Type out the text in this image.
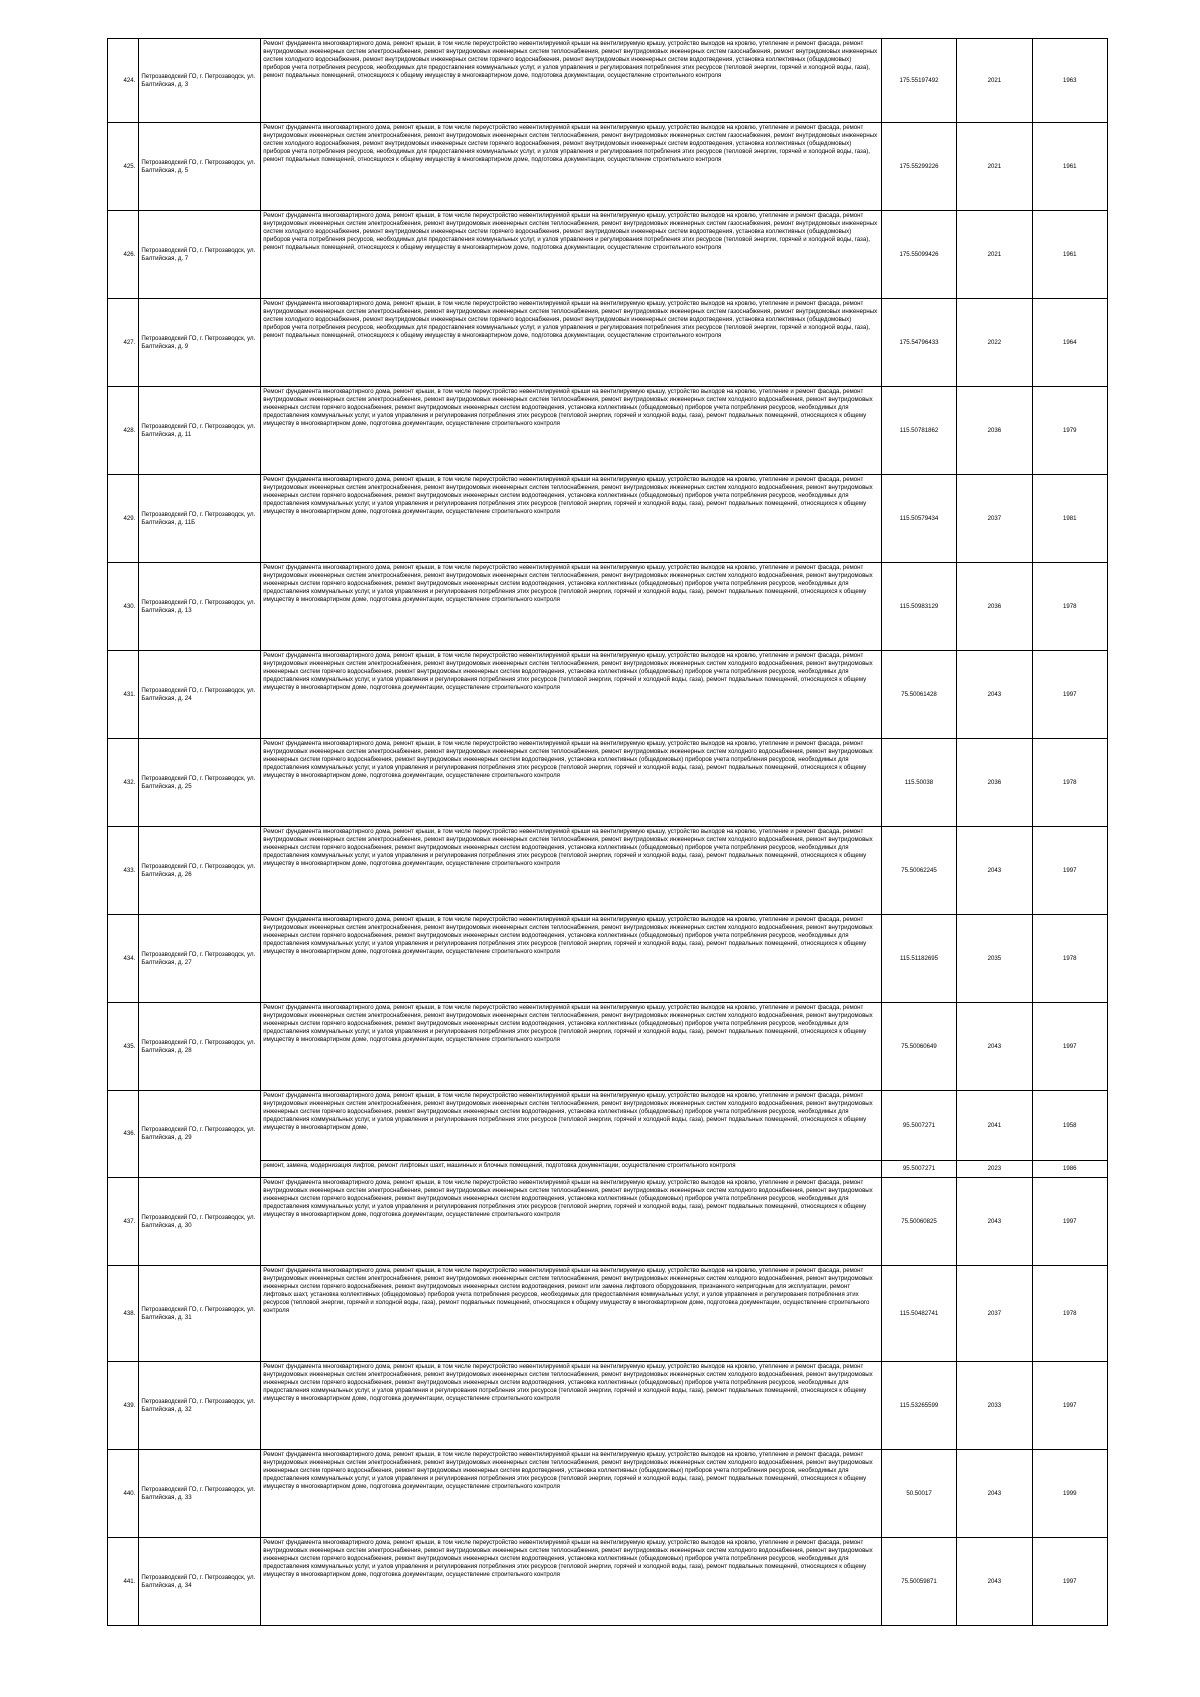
424.	Петрозаводский ГО, г. Петрозаводск, ул. Балтийская, д. 3	Ремонт фундамента многоквартирного дома, ремонт крыши, в том числе переустройство невентилируемой крыши на вентилируемую крышу, устройство выходов на кровлю, утепление и ремонт фасада, ремонт внутридомовых инженерных систем электроснабжения, ремонт внутридомовых инженерных систем теплоснабжения, ремонт внутридомовых инженерных систем газоснабжения, ремонт внутридомовых инженерных систем холодного водоснабжения, ремонт внутридомовых инженерных систем горячего водоснабжения, ремонт внутридомовых инженерных систем водоотведения, установка коллективных (общедомовых) приборов учета потребления ресурсов, необходимых для предоставления коммунальных услуг, и узлов управления и регулирования потребления этих ресурсов (тепловой энергии, горячей и холодной воды, газа), ремонт подвальных помещений, относящихся к общему имуществу в многоквартирном доме, подготовка документации, осуществление строительного контроля	175.55197492	2021	1963
425.	Петрозаводский ГО, г. Петрозаводск, ул. Балтийская, д. 5	Ремонт фундамента многоквартирного дома, ремонт крыши, в том числе переустройство невентилируемой крыши на вентилируемую крышу, устройство выходов на кровлю, утепление и ремонт фасада, ремонт внутридомовых инженерных систем электроснабжения, ремонт внутридомовых инженерных систем теплоснабжения, ремонт внутридомовых инженерных систем газоснабжения, ремонт внутридомовых инженерных систем холодного водоснабжения, ремонт внутридомовых инженерных систем горячего водоснабжения, ремонт внутридомовых инженерных систем водоотведения, установка коллективных (общедомовых) приборов учета потребления ресурсов, необходимых для предоставления коммунальных услуг, и узлов управления и регулирования потребления этих ресурсов (тепловой энергии, горячей и холодной воды, газа), ремонт подвальных помещений, относящихся к общему имуществу в многоквартирном доме, подготовка документации, осуществление строительного контроля	175.55299226	2021	1961
426.	Петрозаводский ГО, г. Петрозаводск, ул. Балтийская, д. 7	Ремонт фундамента многоквартирного дома, ремонт крыши, в том числе переустройство невентилируемой крыши на вентилируемую крышу, устройство выходов на кровлю, утепление и ремонт фасада, ремонт внутридомовых инженерных систем электроснабжения, ремонт внутридомовых инженерных систем теплоснабжения, ремонт внутридомовых инженерных систем газоснабжения, ремонт внутридомовых инженерных систем холодного водоснабжения, ремонт внутридомовых инженерных систем горячего водоснабжения, ремонт внутридомовых инженерных систем водоотведения, установка коллективных (общедомовых) приборов учета потребления ресурсов, необходимых для предоставления коммунальных услуг, и узлов управления и регулирования потребления этих ресурсов (тепловой энергии, горячей и холодной воды, газа), ремонт подвальных помещений, относящихся к общему имуществу в многоквартирном доме, подготовка документации, осуществление строительного контроля	175.55099426	2021	1961
427.	Петрозаводский ГО, г. Петрозаводск, ул. Балтийская, д. 9	Ремонт фундамента многоквартирного дома, ремонт крыши, в том числе переустройство невентилируемой крыши на вентилируемую крышу, устройство выходов на кровлю, утепление и ремонт фасада, ремонт внутридомовых инженерных систем электроснабжения, ремонт внутридомовых инженерных систем теплоснабжения, ремонт внутридомовых инженерных систем газоснабжения, ремонт внутридомовых инженерных систем холодного водоснабжения, ремонт внутридомовых инженерных систем горячего водоснабжения, ремонт внутридомовых инженерных систем водоотведения, установка коллективных (общедомовых) приборов учета потребления ресурсов, необходимых для предоставления коммунальных услуг, и узлов управления и регулирования потребления этих ресурсов (тепловой энергии, горячей и холодной воды, газа), ремонт подвальных помещений, относящихся к общему имуществу в многоквартирном доме, подготовка документации, осуществление строительного контроля	175.54796433	2022	1964
428.	Петрозаводский ГО, г. Петрозаводск, ул. Балтийская, д. 11	Ремонт фундамента многоквартирного дома, ремонт крыши, в том числе переустройство невентилируемой крыши на вентилируемую крышу, устройство выходов на кровлю, утепление и ремонт фасада, ремонт внутридомовых инженерных систем электроснабжения, ремонт внутридомовых инженерных систем теплоснабжения, ремонт внутридомовых инженерных систем холодного водоснабжения, ремонт внутридомовых инженерных систем горячего водоснабжения, ремонт внутридомовых инженерных систем водоотведения, установка коллективных (общедомовых) приборов учета потребления ресурсов, необходимых для предоставления коммунальных услуг, и узлов управления и регулирования потребления этих ресурсов (тепловой энергии, горячей и холодной воды, газа), ремонт подвальных помещений, относящихся к общему имуществу в многоквартирном доме, подготовка документации, осуществление строительного контроля	115.50781862	2036	1979
429.	Петрозаводский ГО, г. Петрозаводск, ул. Балтийская, д. 11Б	Ремонт фундамента многоквартирного дома, ремонт крыши, в том числе переустройство невентилируемой крыши на вентилируемую крышу, устройство выходов на кровлю, утепление и ремонт фасада, ремонт внутридомовых инженерных систем электроснабжения, ремонт внутридомовых инженерных систем теплоснабжения, ремонт внутридомовых инженерных систем холодного водоснабжения, ремонт внутридомовых инженерных систем горячего водоснабжения, ремонт внутридомовых инженерных систем водоотведения, установка коллективных (общедомовых) приборов учета потребления ресурсов, необходимых для предоставления коммунальных услуг, и узлов управления и регулирования потребления этих ресурсов (тепловой энергии, горячей и холодной воды, газа), ремонт подвальных помещений, относящихся к общему имуществу в многоквартирном доме, подготовка документации, осуществление строительного контроля	115.50579434	2037	1981
430.	Петрозаводский ГО, г. Петрозаводск, ул. Балтийская, д. 13	Ремонт фундамента многоквартирного дома, ремонт крыши, в том числе переустройство невентилируемой крыши на вентилируемую крышу, устройство выходов на кровлю, утепление и ремонт фасада, ремонт внутридомовых инженерных систем электроснабжения, ремонт внутридомовых инженерных систем теплоснабжения, ремонт внутридомовых инженерных систем холодного водоснабжения, ремонт внутридомовых инженерных систем горячего водоснабжения, ремонт внутридомовых инженерных систем водоотведения, установка коллективных (общедомовых) приборов учета потребления ресурсов, необходимых для предоставления коммунальных услуг, и узлов управления и регулирования потребления этих ресурсов (тепловой энергии, горячей и холодной воды, газа), ремонт подвальных помещений, относящихся к общему имуществу в многоквартирном доме, подготовка документации, осуществление строительного контроля	115.50983129	2036	1978
431.	Петрозаводский ГО, г. Петрозаводск, ул. Балтийская, д. 24	Ремонт фундамента многоквартирного дома, ремонт крыши, в том числе переустройство невентилируемой крыши на вентилируемую крышу, устройство выходов на кровлю, утепление и ремонт фасада, ремонт внутридомовых инженерных систем электроснабжения, ремонт внутридомовых инженерных систем теплоснабжения, ремонт внутридомовых инженерных систем холодного водоснабжения, ремонт внутридомовых инженерных систем горячего водоснабжения, ремонт внутридомовых инженерных систем водоотведения, установка коллективных (общедомовых) приборов учета потребления ресурсов, необходимых для предоставления коммунальных услуг, и узлов управления и регулирования потребления этих ресурсов (тепловой энергии, горячей и холодной воды, газа), ремонт подвальных помещений, относящихся к общему имуществу в многоквартирном доме, подготовка документации, осуществление строительного контроля	75.50061428	2043	1997
432.	Петрозаводский ГО, г. Петрозаводск, ул. Балтийская, д. 25	Ремонт фундамента многоквартирного дома, ремонт крыши, в том числе переустройство невентилируемой крыши на вентилируемую крышу, устройство выходов на кровлю, утепление и ремонт фасада, ремонт внутридомовых инженерных систем электроснабжения, ремонт внутридомовых инженерных систем теплоснабжения, ремонт внутридомовых инженерных систем холодного водоснабжения, ремонт внутридомовых инженерных систем горячего водоснабжения, ремонт внутридомовых инженерных систем водоотведения, установка коллективных (общедомовых) приборов учета потребления ресурсов, необходимых для предоставления коммунальных услуг, и узлов управления и регулирования потребления этих ресурсов (тепловой энергии, горячей и холодной воды, газа), ремонт подвальных помещений, относящихся к общему имуществу в многоквартирном доме, подготовка документации, осуществление строительного контроля	115.50038	2036	1978
433.	Петрозаводский ГО, г. Петрозаводск, ул. Балтийская, д. 26	Ремонт фундамента многоквартирного дома, ремонт крыши, в том числе переустройство невентилируемой крыши на вентилируемую крышу, устройство выходов на кровлю, утепление и ремонт фасада, ремонт внутридомовых инженерных систем электроснабжения, ремонт внутридомовых инженерных систем теплоснабжения, ремонт внутридомовых инженерных систем холодного водоснабжения, ремонт внутридомовых инженерных систем горячего водоснабжения, ремонт внутридомовых инженерных систем водоотведения, установка коллективных (общедомовых) приборов учета потребления ресурсов, необходимых для предоставления коммунальных услуг, и узлов управления и регулирования потребления этих ресурсов (тепловой энергии, горячей и холодной воды, газа), ремонт подвальных помещений, относящихся к общему имуществу в многоквартирном доме, подготовка документации, осуществление строительного контроля	75.50062245	2043	1997
434.	Петрозаводский ГО, г. Петрозаводск, ул. Балтийская, д. 27	Ремонт фундамента многоквартирного дома, ремонт крыши, в том числе переустройство невентилируемой крыши на вентилируемую крышу, устройство выходов на кровлю, утепление и ремонт фасада, ремонт внутридомовых инженерных систем электроснабжения, ремонт внутридомовых инженерных систем теплоснабжения, ремонт внутридомовых инженерных систем холодного водоснабжения, ремонт внутридомовых инженерных систем горячего водоснабжения, ремонт внутридомовых инженерных систем водоотведения, установка коллективных (общедомовых) приборов учета потребления ресурсов, необходимых для предоставления коммунальных услуг, и узлов управления и регулирования потребления этих ресурсов (тепловой энергии, горячей и холодной воды, газа), ремонт подвальных помещений, относящихся к общему имуществу в многоквартирном доме, подготовка документации, осуществление строительного контроля	115.51182695	2035	1978
435.	Петрозаводский ГО, г. Петрозаводск, ул. Балтийская, д. 28	Ремонт фундамента многоквартирного дома, ремонт крыши, в том числе переустройство невентилируемой крыши на вентилируемую крышу, устройство выходов на кровлю, утепление и ремонт фасада, ремонт внутридомовых инженерных систем электроснабжения, ремонт внутридомовых инженерных систем теплоснабжения, ремонт внутридомовых инженерных систем холодного водоснабжения, ремонт внутридомовых инженерных систем горячего водоснабжения, ремонт внутридомовых инженерных систем водоотведения, установка коллективных (общедомовых) приборов учета потребления ресурсов, необходимых для предоставления коммунальных услуг, и узлов управления и регулирования потребления этих ресурсов (тепловой энергии, горячей и холодной воды, газа), ремонт подвальных помещений, относящихся к общему имуществу в многоквартирном доме, подготовка документации, осуществление строительного контроля	75.50060649	2043	1997
436.	Петрозаводский ГО, г. Петрозаводск, ул. Балтийская, д. 29	Ремонт фундамента многоквартирного дома, ремонт крыши, в том числе переустройство невентилируемой крыши на вентилируемую крышу, устройство выходов на кровлю, утепление и ремонт фасада, ремонт внутридомовых инженерных систем электроснабжения, ремонт внутридомовых инженерных систем теплоснабжения, ремонт внутридомовых инженерных систем холодного водоснабжения, ремонт внутридомовых инженерных систем горячего водоснабжения, ремонт внутридомовых инженерных систем водоотведения, установка коллективных (общедомовых) приборов учета потребления ресурсов, необходимых для предоставления коммунальных услуг, и узлов управления и регулирования потребления этих ресурсов (тепловой энергии, горячей и холодной воды, газа), ремонт подвальных помещений, относящихся к общему имуществу в многоквартирном доме,	95.5007271	2041	1958
		ремонт, замена, модернизация лифтов, ремонт лифтовых шахт, машинных и блочных помещений, подготовка документации, осуществление строительного контроля	95.5007271	2023	1986
437.	Петрозаводский ГО, г. Петрозаводск, ул. Балтийская, д. 30	Ремонт фундамента многоквартирного дома, ремонт крыши, в том числе переустройство невентилируемой крыши на вентилируемую крышу, устройство выходов на кровлю, утепление и ремонт фасада, ремонт внутридомовых инженерных систем электроснабжения, ремонт внутридомовых инженерных систем теплоснабжения, ремонт внутридомовых инженерных систем холодного водоснабжения, ремонт внутридомовых инженерных систем горячего водоснабжения, ремонт внутридомовых инженерных систем водоотведения, установка коллективных (общедомовых) приборов учета потребления ресурсов, необходимых для предоставления коммунальных услуг, и узлов управления и регулирования потребления этих ресурсов (тепловой энергии, горячей и холодной воды, газа), ремонт подвальных помещений, относящихся к общему имуществу в многоквартирном доме, подготовка документации, осуществление строительного контроля	75.50060825	2043	1997
438.	Петрозаводский ГО, г. Петрозаводск, ул. Балтийская, д. 31	Ремонт фундамента многоквартирного дома, ремонт крыши, в том числе переустройство невентилируемой крыши на вентилируемую крышу, устройство выходов на кровлю, утепление и ремонт фасада, ремонт внутридомовых инженерных систем электроснабжения, ремонт внутридомовых инженерных систем теплоснабжения, ремонт внутридомовых инженерных систем холодного водоснабжения, ремонт внутридомовых инженерных систем горячего водоснабжения, ремонт внутридомовых инженерных систем водоотведения, ремонт или замена лифтового оборудования, признанного непригодным для эксплуатации, ремонт лифтовых шахт, установка коллективных (общедомовых) приборов учета потребления ресурсов, необходимых для предоставления коммунальных услуг, и узлов управления и регулирования потребления этих ресурсов (тепловой энергии, горячей и холодной воды, газа), ремонт подвальных помещений, относящихся к общему имуществу в многоквартирном доме, подготовка документации, осуществление строительного контроля	115.50482741	2037	1978
439.	Петрозаводский ГО, г. Петрозаводск, ул. Балтийская, д. 32	Ремонт фундамента многоквартирного дома, ремонт крыши, в том числе переустройство невентилируемой крыши на вентилируемую крышу, устройство выходов на кровлю, утепление и ремонт фасада, ремонт внутридомовых инженерных систем электроснабжения, ремонт внутридомовых инженерных систем теплоснабжения, ремонт внутридомовых инженерных систем холодного водоснабжения, ремонт внутридомовых инженерных систем горячего водоснабжения, ремонт внутридомовых инженерных систем водоотведения, установка коллективных (общедомовых) приборов учета потребления ресурсов, необходимых для предоставления коммунальных услуг, и узлов управления и регулирования потребления этих ресурсов (тепловой энергии, горячей и холодной воды, газа), ремонт подвальных помещений, относящихся к общему имуществу в многоквартирном доме, подготовка документации, осуществление строительного контроля	115.53265599	2033	1997
440.	Петрозаводский ГО, г. Петрозаводск, ул. Балтийская, д. 33	Ремонт фундамента многоквартирного дома, ремонт крыши, в том числе переустройство невентилируемой крыши на вентилируемую крышу, устройство выходов на кровлю, утепление и ремонт фасада, ремонт внутридомовых инженерных систем электроснабжения, ремонт внутридомовых инженерных систем теплоснабжения, ремонт внутридомовых инженерных систем холодного водоснабжения, ремонт внутридомовых инженерных систем горячего водоснабжения, ремонт внутридомовых инженерных систем водоотведения, установка коллективных (общедомовых) приборов учета потребления ресурсов, необходимых для предоставления коммунальных услуг, и узлов управления и регулирования потребления этих ресурсов (тепловой энергии, горячей и холодной воды, газа), ремонт подвальных помещений, относящихся к общему имуществу в многоквартирном доме, подготовка документации, осуществление строительного контроля	50.50017	2043	1999
441.	Петрозаводский ГО, г. Петрозаводск, ул. Балтийская, д. 34	Ремонт фундамента многоквартирного дома, ремонт крыши, в том числе переустройство невентилируемой крыши на вентилируемую крышу, устройство выходов на кровлю, утепление и ремонт фасада, ремонт внутридомовых инженерных систем электроснабжения, ремонт внутридомовых инженерных систем теплоснабжения, ремонт внутридомовых инженерных систем холодного водоснабжения, ремонт внутридомовых инженерных систем горячего водоснабжения, ремонт внутридомовых инженерных систем водоотведения, установка коллективных (общедомовых) приборов учета потребления ресурсов, необходимых для предоставления коммунальных услуг, и узлов управления и регулирования потребления этих ресурсов (тепловой энергии, горячей и холодной воды, газа), ремонт подвальных помещений, относящихся к общему имуществу в многоквартирном доме, подготовка документации, осуществление строительного контроля	75.50059871	2043	1997
